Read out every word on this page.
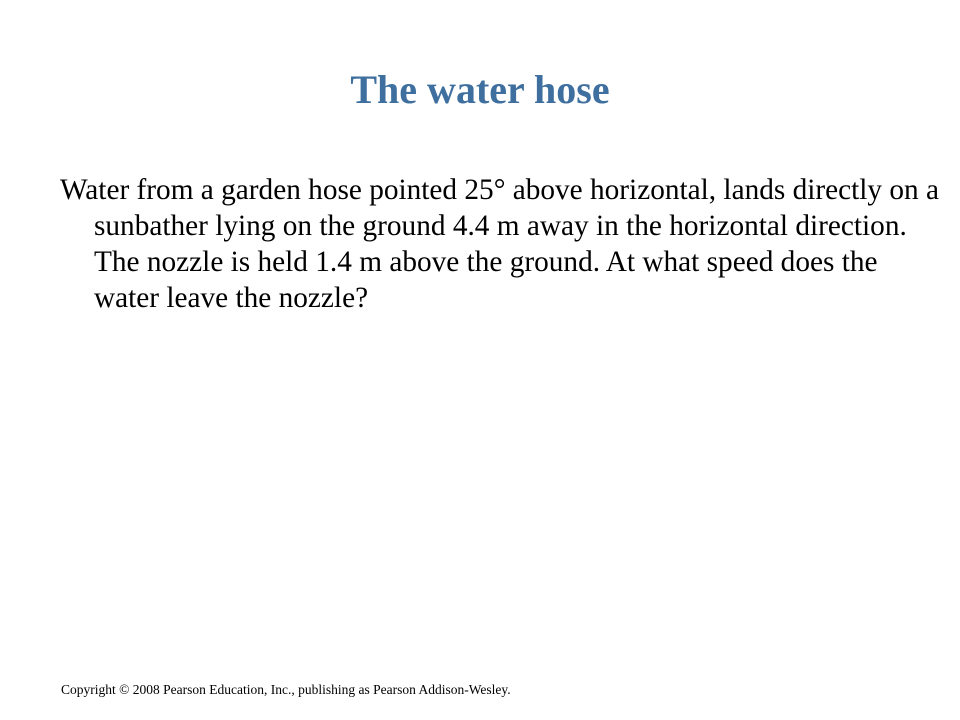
The water hose

Water from a garden hose pointed 25° above horizontal, lands directly on a sunbather lying on the ground 4.4 m away in the horizontal direction. The nozzle is held 1.4 m above the ground. At what speed does the water leave the nozzle?

Copyright © 2008 Pearson Education, Inc., publishing as Pearson Addison-Wesley.
